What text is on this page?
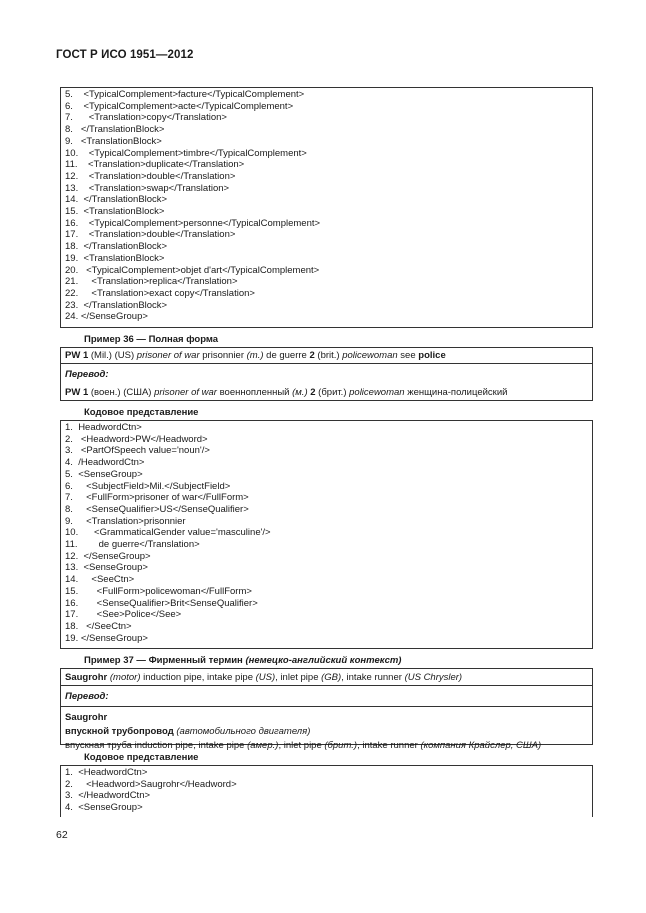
ГОСТ Р ИСО 1951—2012
5.    <TypicalComplement>facture</TypicalComplement>
6.    <TypicalComplement>acte</TypicalComplement>
7.      <Translation>copy</Translation>
8.   </TranslationBlock>
9.   <TranslationBlock>
10.    <TypicalComplement>timbre</TypicalComplement>
11.    <Translation>duplicate</Translation>
12.    <Translation>double</Translation>
13.    <Translation>swap</Translation>
14.  </TranslationBlock>
15.  <TranslationBlock>
16.    <TypicalComplement>personne</TypicalComplement>
17.    <Translation>double</Translation>
18.  </TranslationBlock>
19.  <TranslationBlock>
20.   <TypicalComplement>objet d'art</TypicalComplement>
21.     <Translation>replica</Translation>
22.     <Translation>exact copy</Translation>
23.  </TranslationBlock>
24. </SenseGroup>
Пример 36 — Полная форма
PW 1 (Mil.) (US) prisoner of war prisonnier (m.) de guerre 2 (brit.) policewoman see police
Перевод:
PW 1 (воен.) (США) prisoner of war военнопленный (м.) 2 (брит.) policewoman женщина-полицейский
Кодовое представление
1.  HeadwordCtn>
2.   <Headword>PW</Headword>
3.   <PartOfSpeech value='noun'/>
4.  /HeadwordCtn>
5.  <SenseGroup>
6.     <SubjectField>Mil.</SubjectField>
7.     <FullForm>prisoner of war</FullForm>
8.     <SenseQualifier>US</SenseQualifier>
9.     <Translation>prisonnier
10.      <GrammaticalGender value='masculine'/>
11.        de guerre</Translation>
12.  </SenseGroup>
13.  <SenseGroup>
14.     <SeeCtn>
15.       <FullForm>policewoman</FullForm>
16.       <SenseQualifier>Brit<SenseQualifier>
17.       <See>Police</See>
18.   </SeeCtn>
19. </SenseGroup>
Пример 37 — Фирменный термин (немецко-английский контекст)
Saugrohr (motor) induction pipe, intake pipe (US), inlet pipe (GB), intake runner (US Chrysler)
Перевод:
Saugrohr
впускной трубопровод (автомобильного двигателя)
впускная труба induction pipe, intake pipe (амер.), inlet pipe (брит.), intake runner (компания Крайслер, США)
Кодовое представление
1.  <HeadwordCtn>
2.     <Headword>Saugrohr</Headword>
3.  </HeadwordCtn>
4.  <SenseGroup>
62
